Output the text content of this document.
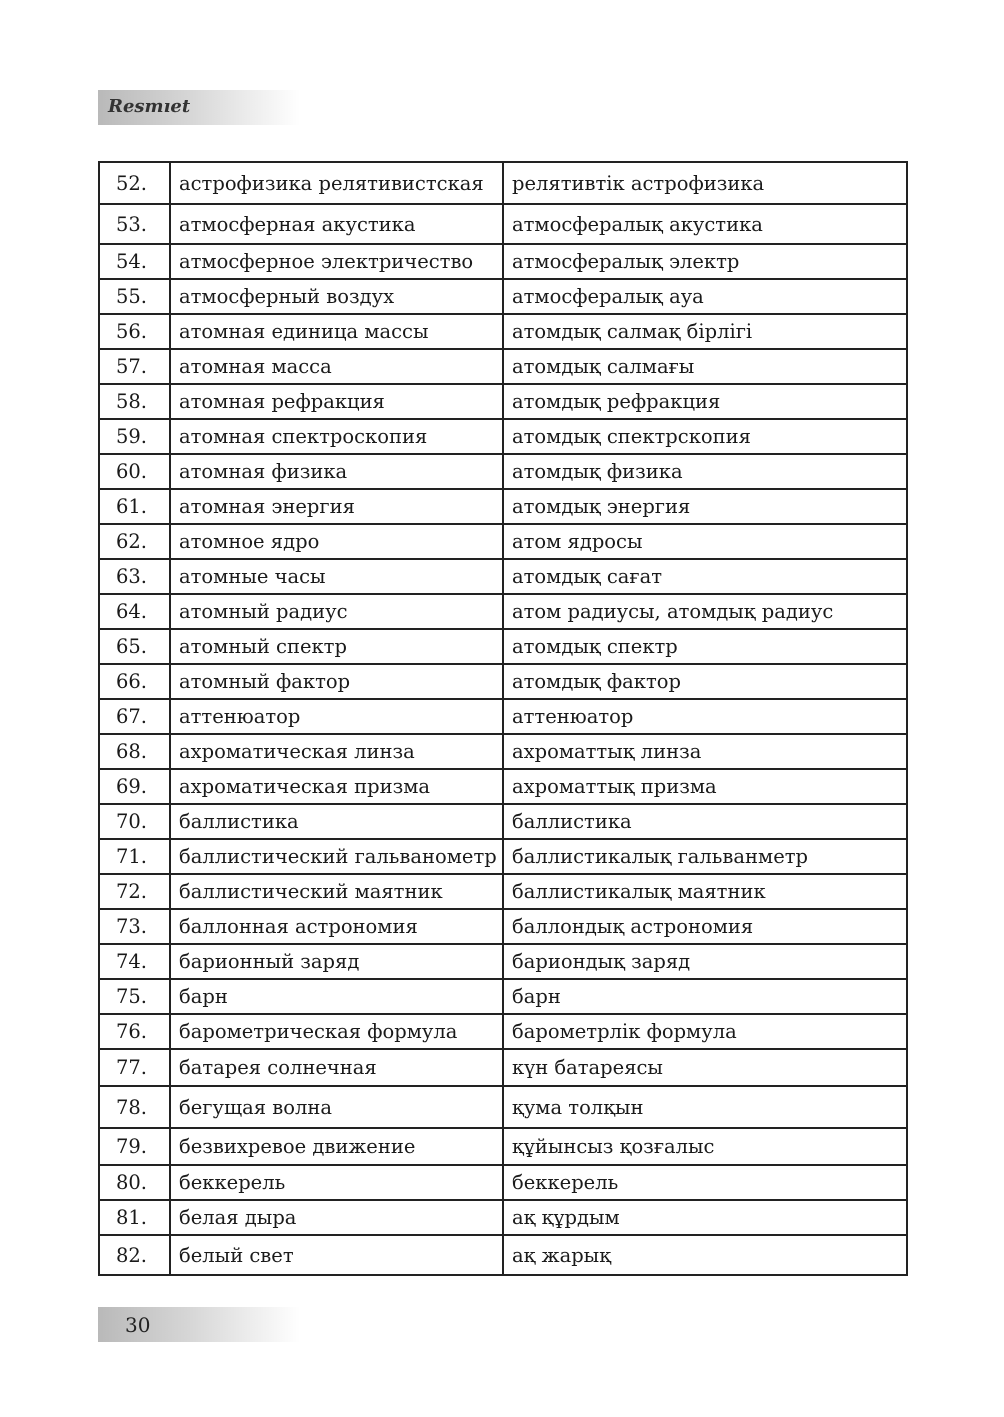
Resmıet
52.	астрофизика релятивистская	релятивтік астрофизика
53.	атмосферная акустика	атмосфералық акустика
54.	атмосферное электричество	атмосфералық электр
55.	атмосферный воздух	атмосфералық ауа
56.	атомная единица массы	атомдық салмақ бірлігі
57.	атомная масса	атомдық салмағы
58.	атомная рефракция	атомдық рефракция
59.	атомная спектроскопия	атомдық спектрскопия
60.	атомная физика	атомдық физика
61.	атомная энергия	атомдық энергия
62.	атомное ядро	атом ядросы
63.	атомные часы	атомдық сағат
64.	атомный радиус	атом радиусы, атомдық радиус
65.	атомный спектр	атомдық спектр
66.	атомный фактор	атомдық фактор
67.	аттенюатор	аттенюатор
68.	ахроматическая линза	ахроматтық линза
69.	ахроматическая призма	ахроматтық призма
70.	баллистика	баллистика
71.	баллистический гальванометр	баллистикалық гальванметр
72.	баллистический маятник	баллистикалық маятник
73.	баллонная астрономия	баллондық астрономия
74.	барионный заряд	бариондық заряд
75.	барн	барн
76.	барометрическая формула	барометрлік формула
77.	батарея солнечная	күн батареясы
78.	бегущая волна	қума толқын
79.	безвихревое движение	құйынсыз қозғалыс
80.	беккерель	беккерель
81.	белая дыра	ақ құрдым
82.	белый свет	ақ жарық
30
